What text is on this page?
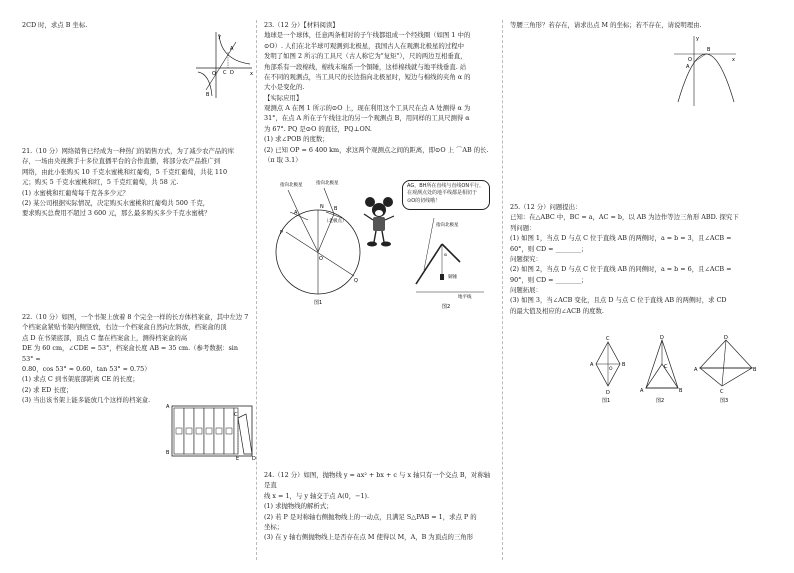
2CD 时，求点 B 坐标.
x
y
O
A
B
C D
21.（10 分）网络销售已经成为一种热门的销售方式，为了减少农产品的库
存，一场由央视携手十多位直播平台的合作直播，将部分农产品推广到
网络，由此小张购买 10 千克水蜜桃和红葡萄，5 千克红葡萄，共花 110
元；购买 5 千克水蜜桃和红，5 千克红葡萄，共 58 元.
(1) 水蜜桃和红葡萄每千克各多少元？
(2) 某公司根据实际情况，决定购买水蜜桃和红葡萄共 500 千克，
要求购买总费用不超过 3 600 元，那么最多购买多少千克水蜜桃？
22.（10 分）如图，一个书架上放着 8 个完全一样的长方体档案盒，其中左边 7
个档案盒紧贴书架内侧竖放，右边一个档案盒自然向左斜放，档案盒的顶
点 D 在书架底部，顶点 C 靠在档案盒上，测得档案盒的高
DE 为 60 cm，∠CDE = 53°，档案盒长度 AB = 35 cm.（参考数据：sin 53° ≈
0.80，cos 53° ≈ 0.60，tan 53° ≈ 0.75）
(1) 求点 C 到书架底部距离 CE 的长度；
(2) 求 ED 长度；
(3) 当出该书架上能多能放几个这样的档案盒.
A
B
C
D
E
23.（12 分）【材料阅读】
地球是一个球体，任意两条相对的子午线都组成一个经线圈（如图 1 中的
⊙O）. 人们在北半球可观测到北极星，我国古人在观测北极星的过程中
发明了如图 2 所示的工具尺（古人称它为"复矩"），尺的两边互相垂直，
角部系有一段棉线，棉线末端系一个铜锤，这样棉线就与地平线垂直. 站
在不同的观测点，当工具尺的长边指向北极星时，短边与棉线的夹角 α 的
大小是变化的.
【实际应用】
观测点 A 在图 1 所示的⊙O 上，现在利用这个工具尺在点 A 处测得 α 为
31°，在点 A 所在子午线往北的另一个观测点 B，用同样的工具尺测得 α
为 67°. PQ 是⊙O 的直径，PQ⊥ON.
(1) 求∠POB 的度数；
(2) 已知 OP = 6 400 km，求这两个观测点之间的距离，即⊙O 上 ⌒AB 的长.
（π 取 3.1）
指向北极星	指向北极星
（北极点）
P
Q
O
A
B
N
图1
AG，BH所在直线与直线ON平行，在观测点处的地平线都是相切于⊙O的切线哦！
指向北极星
铜锤
地平线
α
图2
24.（12 分）如图，抛物线 y = ax² + bx + c 与 x 轴只有一个交点 B，对称轴是直
线 x = 1，与 y 轴交于点 A(0，−1).
(1) 求抛物线的解析式；
(2) 若 P 是对称轴右侧抛物线上的一动点，且满足 S△PAB = 1，求点 P 的
坐标；
(3) 在 y 轴右侧抛物线上是否存在点 M 使得以 M，A，B 为顶点的三角形
等腰三角形？若存在，请求出点 M 的坐标；若不存在，请说明理由.
x
y
O
A
B
25.（12 分）问题提出：
已知：在△ABC 中，BC = a，AC = b，以 AB 为边作等边三角形 ABD. 探究下
列问题：
(1) 如图 1，当点 D 与点 C 位于直线 AB 的两侧时，a = b = 3，且∠ACB =
60°，则 CD = ________；
问题探究：
(2) 如图 2，当点 D 与点 C 位于直线 AB 的同侧时，a = b = 6，且∠ACB =
90°，则 CD = ________；
问题拓展：
(3) 如图 3，当∠ACB 变化，且点 D 与点 C 位于直线 AB 的两侧时，求 CD
的最大值及相应的∠ACB 的度数.
C
A	B
D
O
图1
D
A	B
C
图2
D
A	B
C
图3
